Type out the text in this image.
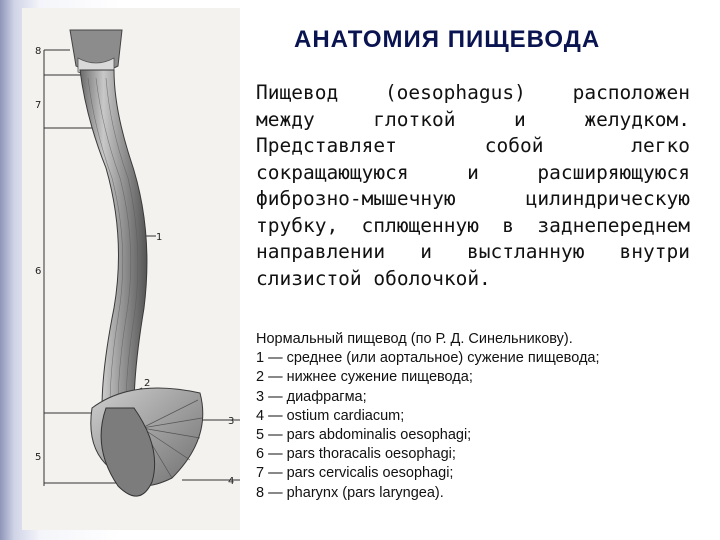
8
7
6
5
1
2
3
4
АНАТОМИЯ ПИЩЕВОДА

Пищевод (oesophagus) расположен между глоткой и желудком. Представляет собой легко сокращающуюся и расширяющуюся фиброзно-мышечную цилиндрическую трубку, сплющенную в заднепереднем направлении и выстланную внутри слизистой оболочкой.

Нормальный пищевод (по Р. Д. Синельникову).
1 — среднее (или аортальное) сужение пищевода;
2 — нижнее сужение пищевода;
3 — диафрагма;
4 — ostium cardiacum;
5 — pars abdominalis oesophagi;
6 — pars thoracalis oesophagi;
7 — pars cervicalis oesophagi;
8 — pharynx (pars laryngea).
